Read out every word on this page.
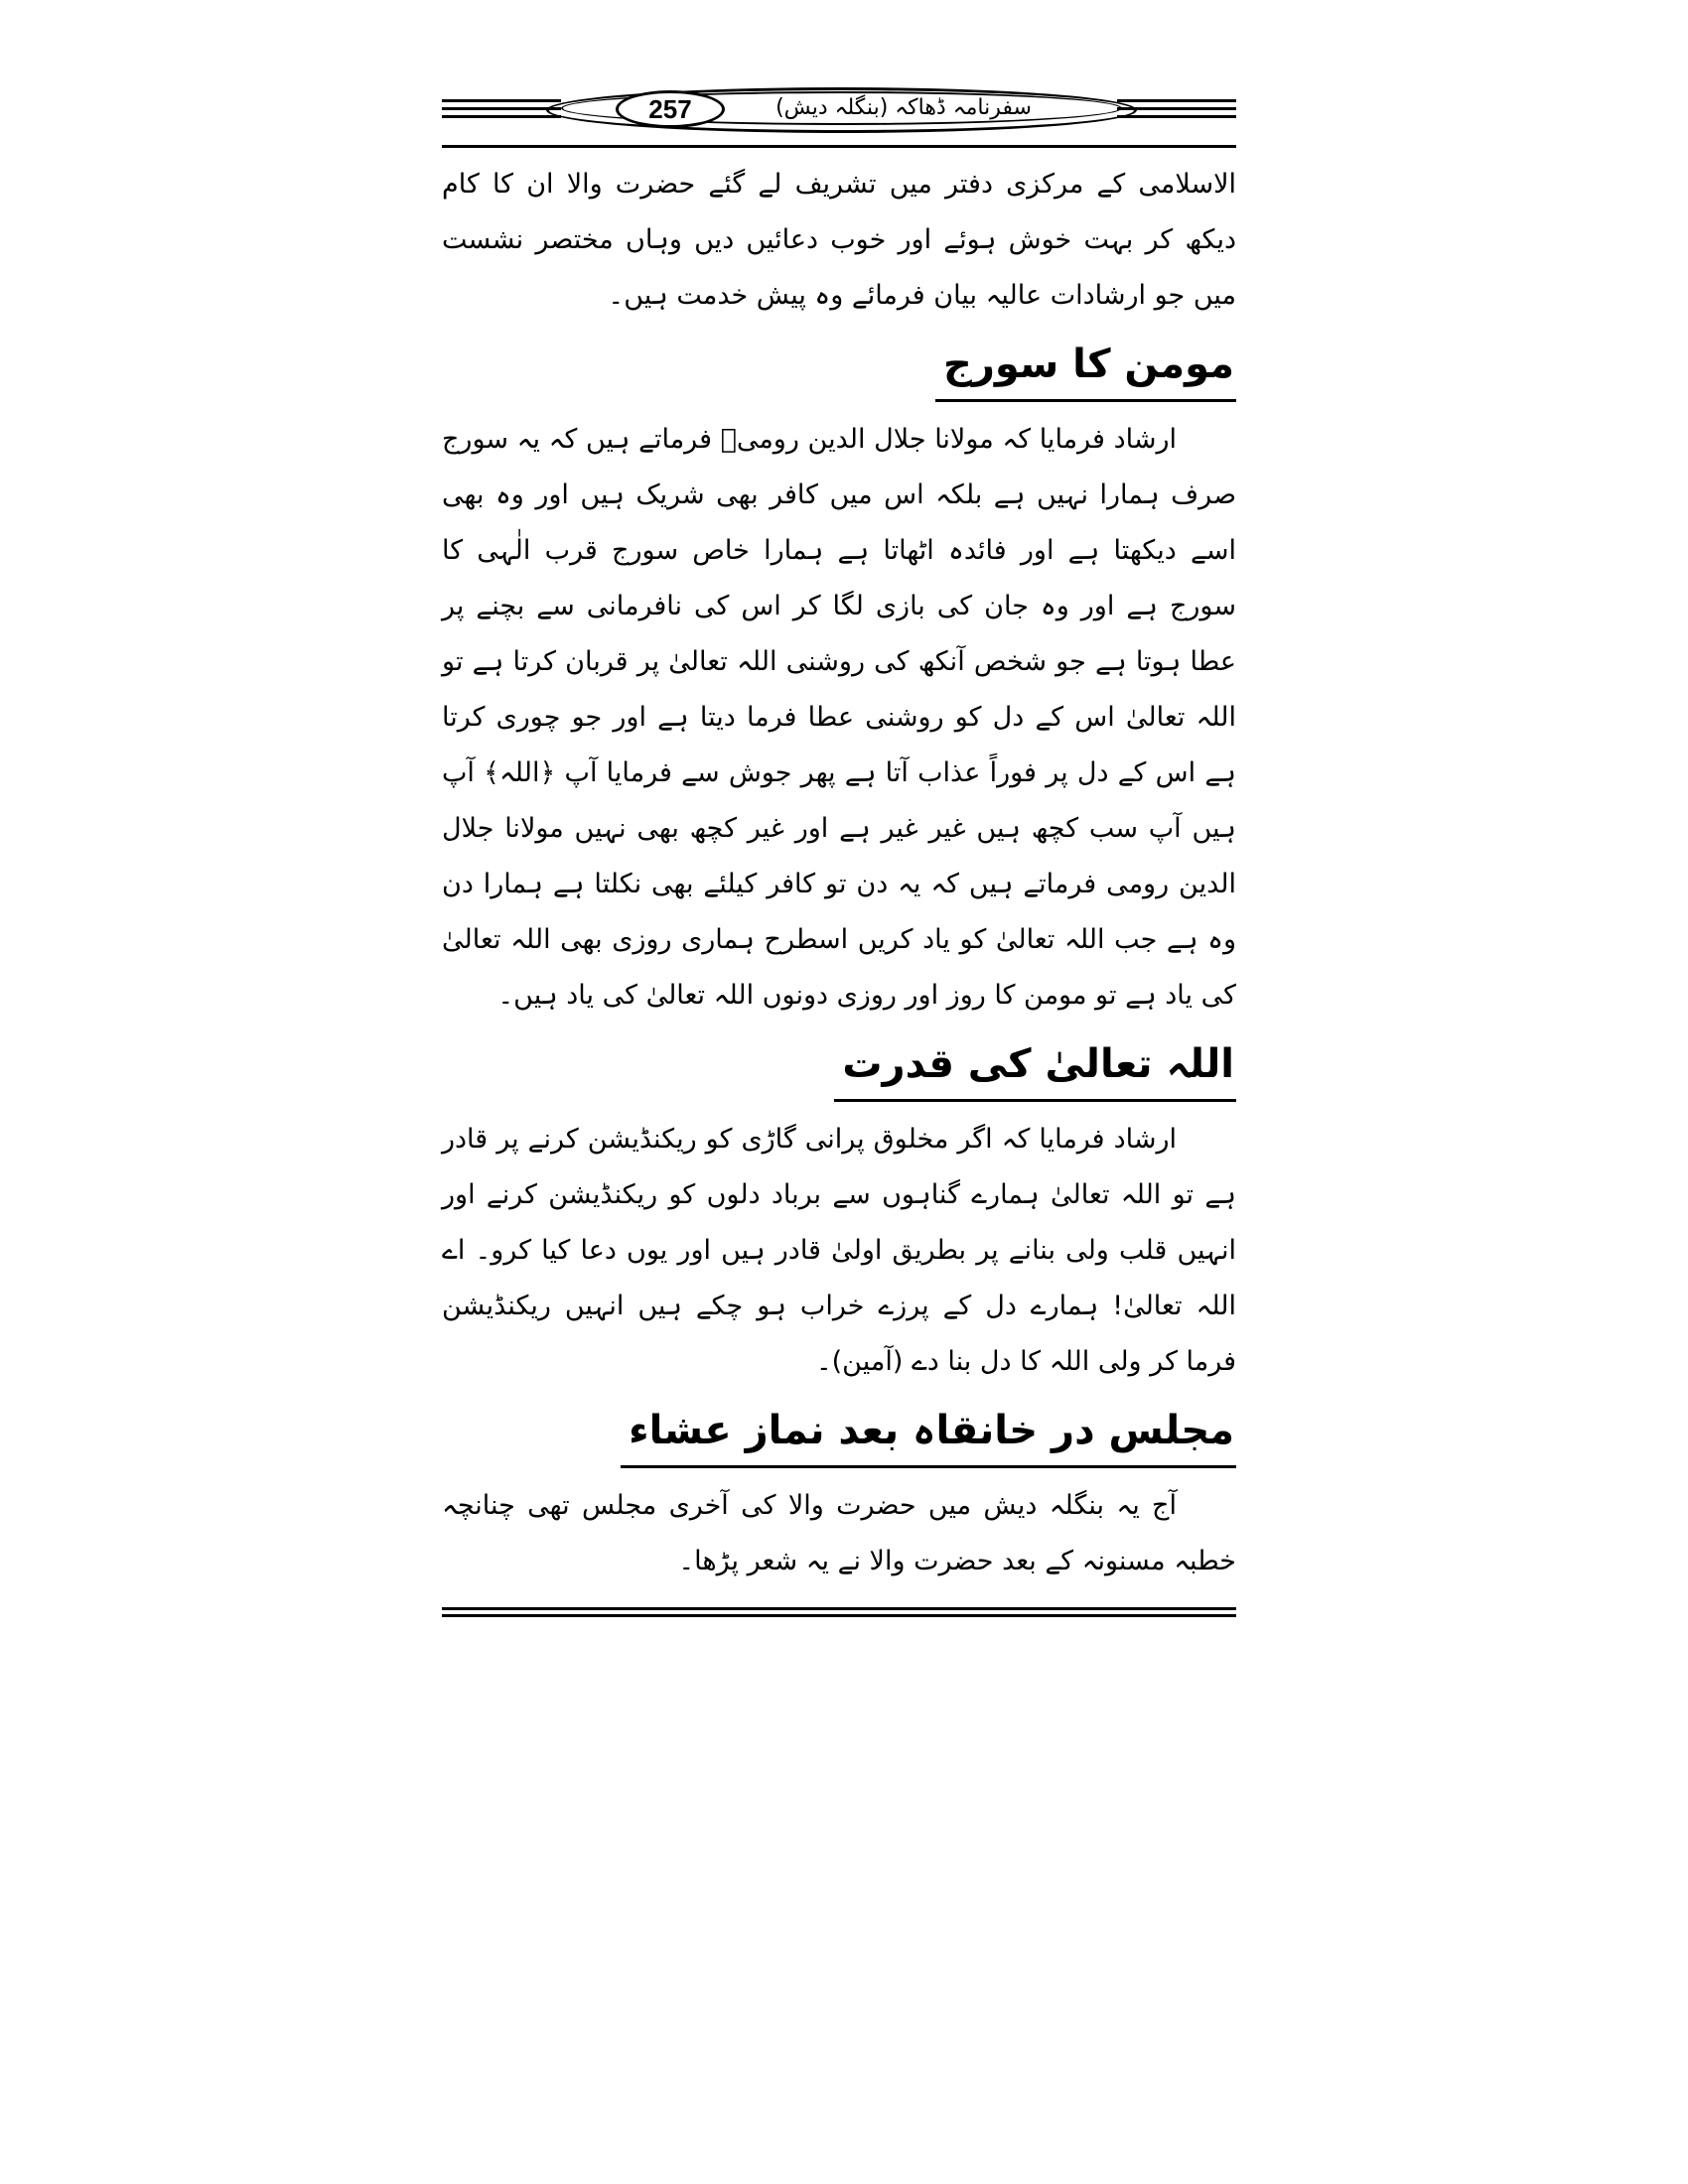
257	سفرنامہ ڈھاکہ (بنگلہ دیش)

الاسلامی کے مرکزی دفتر میں تشریف لے گئے حضرت والا ان کا کام دیکھ کر بہت خوش ہوئے اور خوب دعائیں دیں وہاں مختصر نشست میں جو ارشادات عالیہ بیان فرمائے وہ پیش خدمت ہیں۔

مومن کا سورج

ارشاد فرمایا کہ مولانا جلال الدین رومیؒ فرماتے ہیں کہ یہ سورج صرف ہمارا نہیں ہے بلکہ اس میں کافر بھی شریک ہیں اور وہ بھی اسے دیکھتا ہے اور فائدہ اٹھاتا ہے ہمارا خاص سورج قرب الٰہی کا سورج ہے اور وہ جان کی بازی لگا کر اس کی نافرمانی سے بچنے پر عطا ہوتا ہے جو شخص آنکھ کی روشنی اللہ تعالیٰ پر قربان کرتا ہے تو اللہ تعالیٰ اس کے دل کو روشنی عطا فرما دیتا ہے اور جو چوری کرتا ہے اس کے دل پر فوراً عذاب آتا ہے پھر جوش سے فرمایا آپ ﴿اللہ﴾ آپ ہیں آپ سب کچھ ہیں غیر غیر ہے اور غیر کچھ بھی نہیں مولانا جلال الدین رومی فرماتے ہیں کہ یہ دن تو کافر کیلئے بھی نکلتا ہے ہمارا دن وہ ہے جب اللہ تعالیٰ کو یاد کریں اسطرح ہماری روزی بھی اللہ تعالیٰ کی یاد ہے تو مومن کا روز اور روزی دونوں اللہ تعالیٰ کی یاد ہیں۔

اللہ تعالیٰ کی قدرت

ارشاد فرمایا کہ اگر مخلوق پرانی گاڑی کو ریکنڈیشن کرنے پر قادر ہے تو اللہ تعالیٰ ہمارے گناہوں سے برباد دلوں کو ریکنڈیشن کرنے اور انہیں قلب ولی بنانے پر بطریق اولیٰ قادر ہیں اور یوں دعا کیا کرو۔ اے اللہ تعالیٰ! ہمارے دل کے پرزے خراب ہو چکے ہیں انہیں ریکنڈیشن فرما کر ولی اللہ کا دل بنا دے (آمین)۔

مجلس در خانقاہ بعد نماز عشاء

آج یہ بنگلہ دیش میں حضرت والا کی آخری مجلس تھی چنانچہ خطبہ مسنونہ کے بعد حضرت والا نے یہ شعر پڑھا۔
